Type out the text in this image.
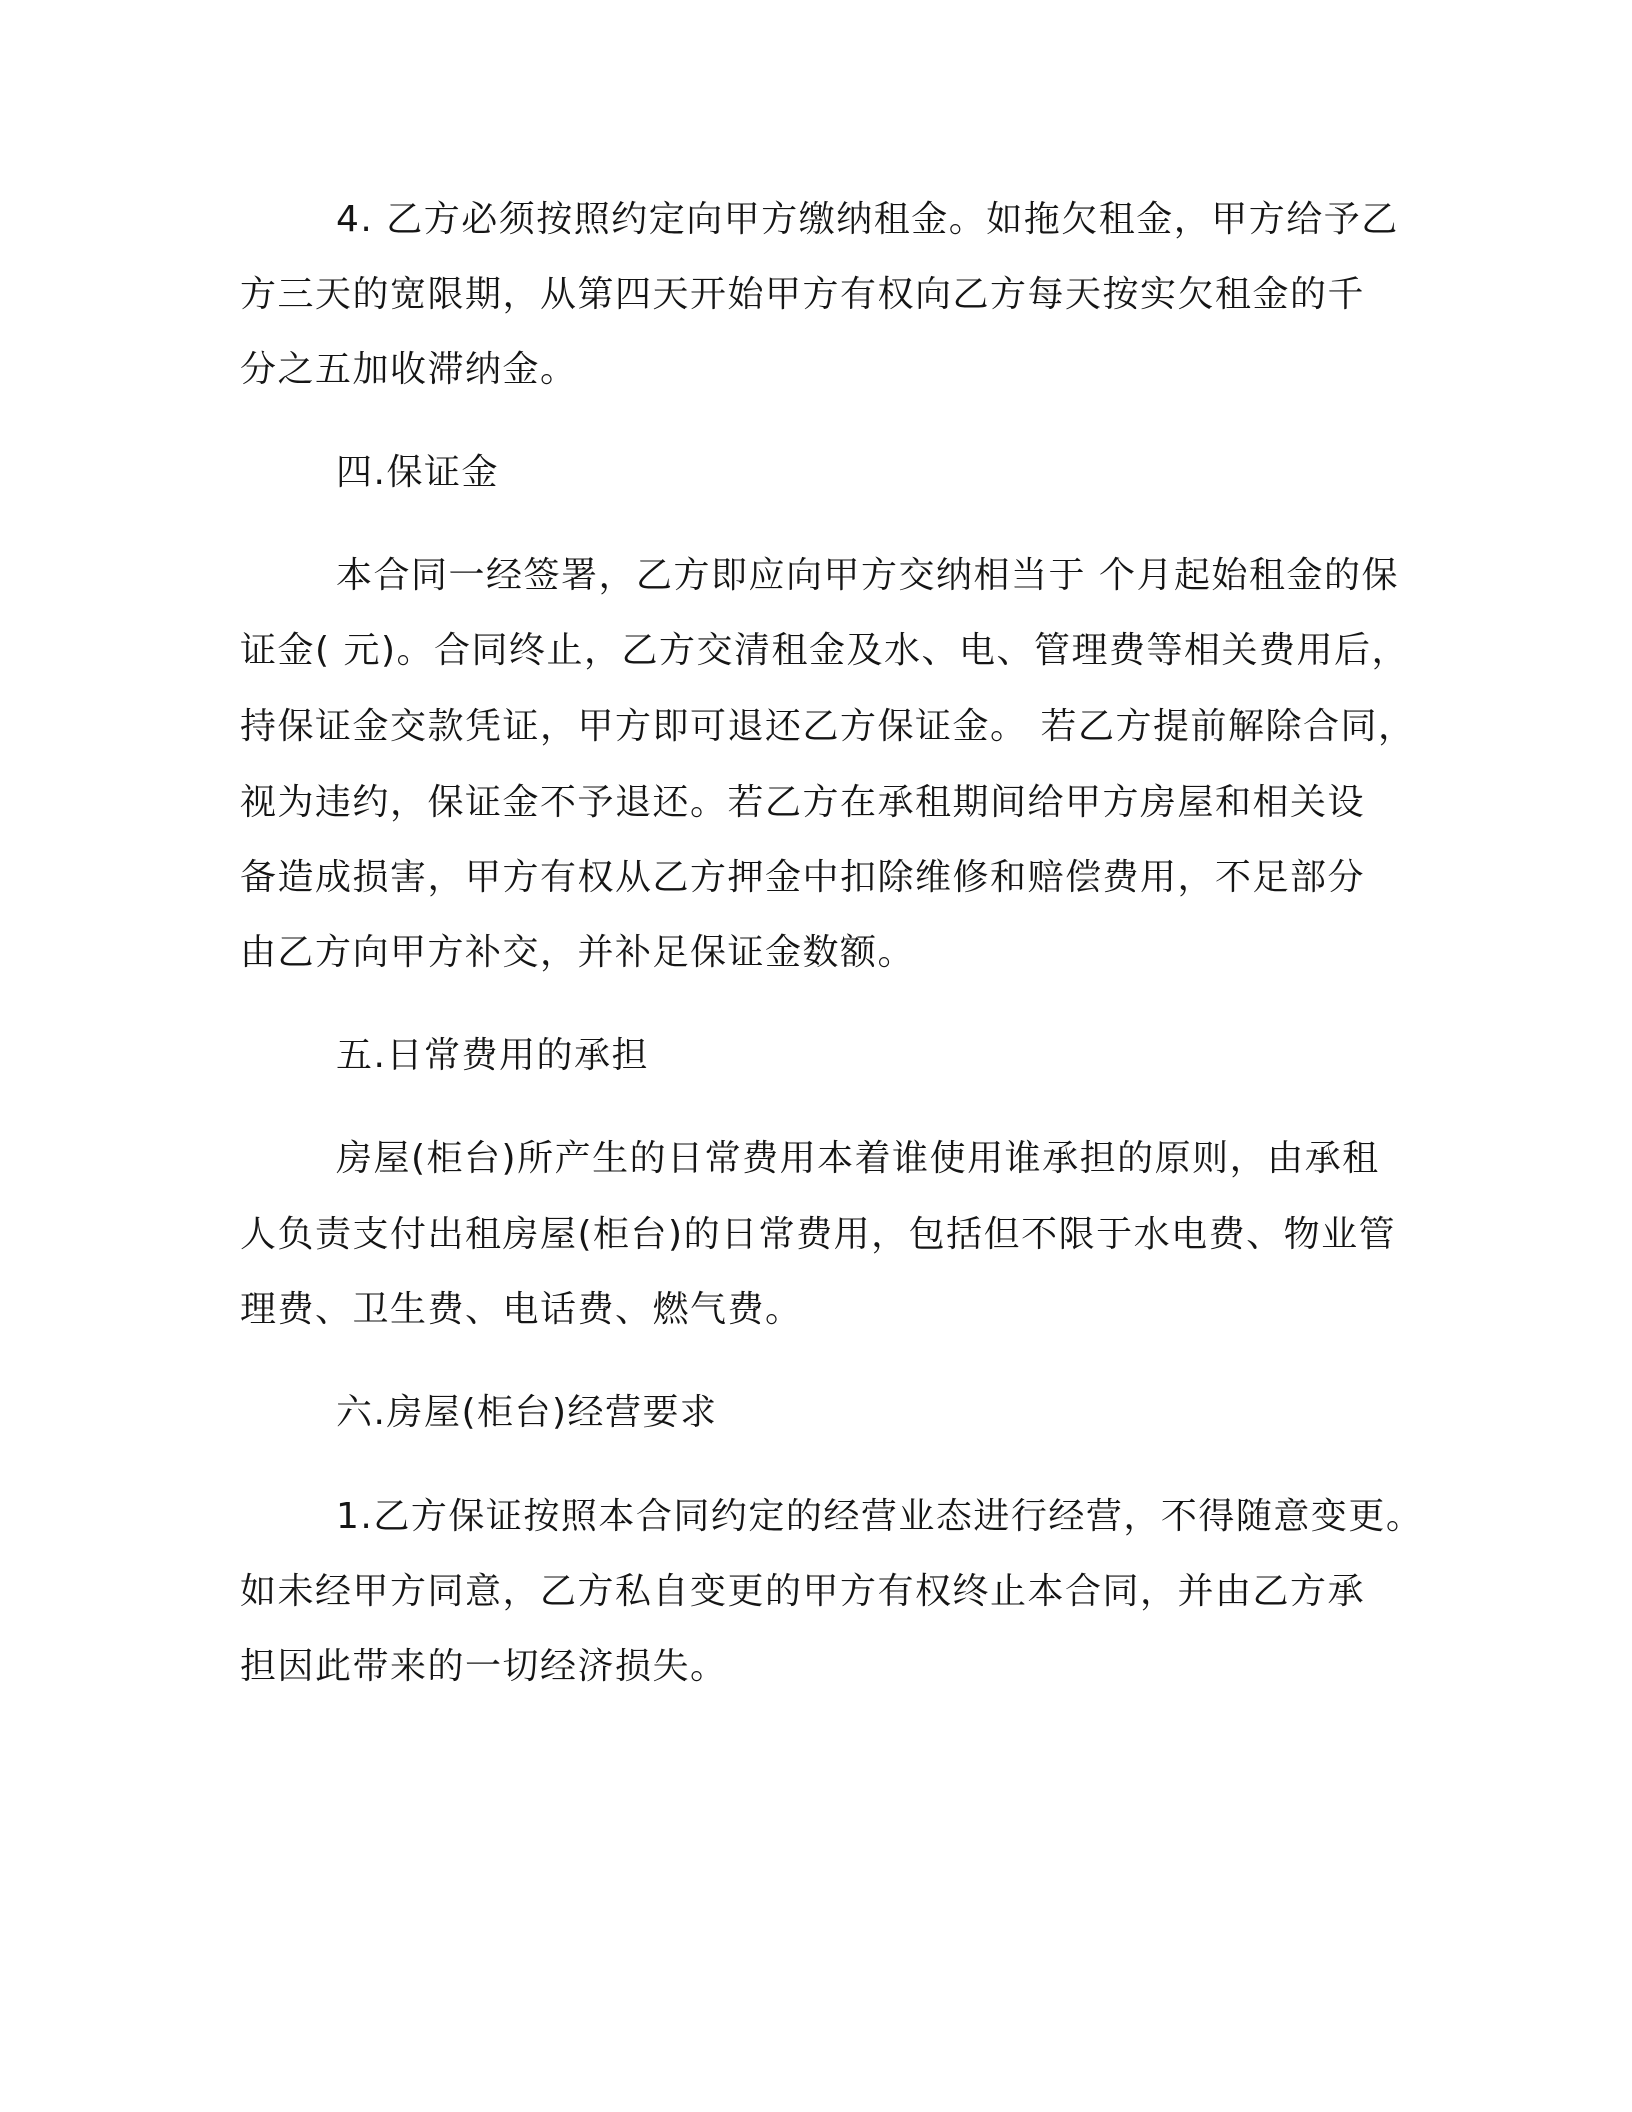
4. 乙方必须按照约定向甲方缴纳租金。如拖欠租金，甲方给予乙

方三天的宽限期，从第四天开始甲方有权向乙方每天按实欠租金的千

分之五加收滞纳金。

四.保证金

本合同一经签署，乙方即应向甲方交纳相当于 个月起始租金的保

证金( 元)。合同终止，乙方交清租金及水、电、管理费等相关费用后，

持保证金交款凭证，甲方即可退还乙方保证金。 若乙方提前解除合同，

视为违约，保证金不予退还。若乙方在承租期间给甲方房屋和相关设

备造成损害，甲方有权从乙方押金中扣除维修和赔偿费用，不足部分

由乙方向甲方补交，并补足保证金数额。

五.日常费用的承担

房屋(柜台)所产生的日常费用本着谁使用谁承担的原则，由承租

人负责支付出租房屋(柜台)的日常费用，包括但不限于水电费、物业管

理费、卫生费、电话费、燃气费。

六.房屋(柜台)经营要求

1.乙方保证按照本合同约定的经营业态进行经营，不得随意变更。

如未经甲方同意，乙方私自变更的甲方有权终止本合同，并由乙方承

担因此带来的一切经济损失。
